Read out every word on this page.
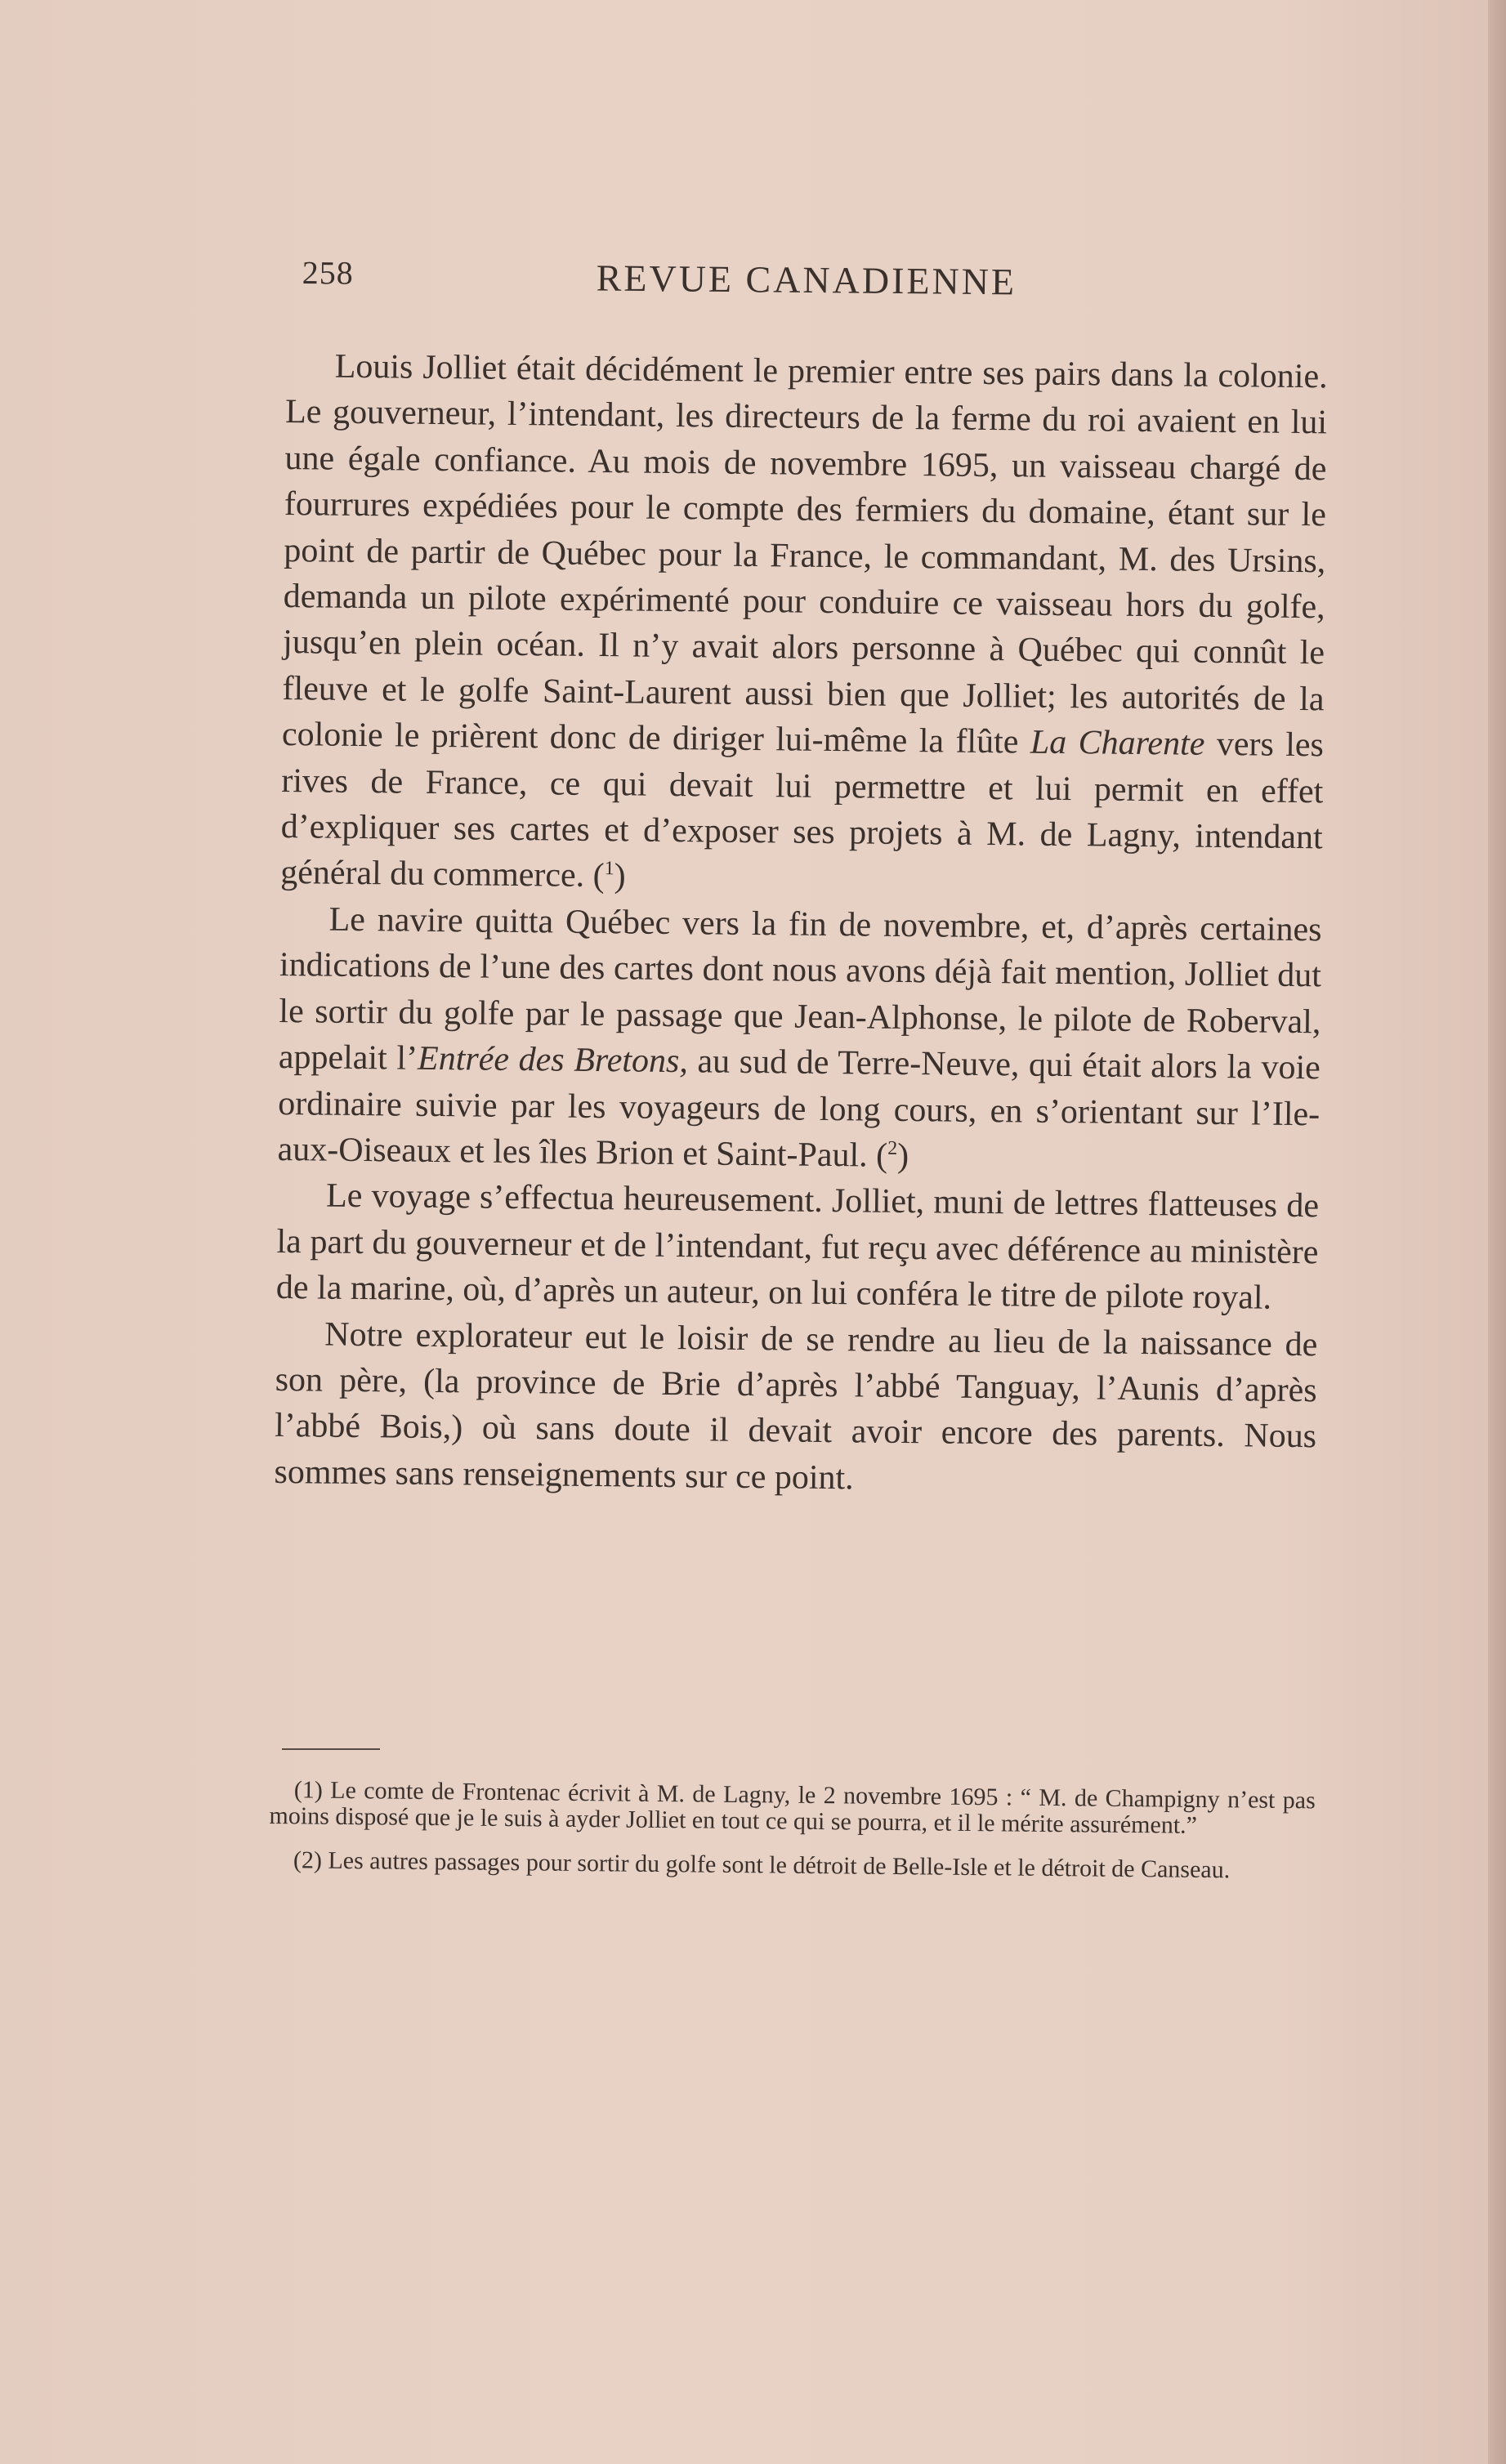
258	REVUE CANADIENNE

Louis Jolliet était décidément le premier entre ses pairs dans la colonie. Le gouverneur, l’intendant, les directeurs de la ferme du roi avaient en lui une égale confiance. Au mois de novembre 1695, un vaisseau chargé de fourrures expédiées pour le compte des fermiers du domaine, étant sur le point de partir de Québec pour la France, le commandant, M. des Ursins, demanda un pilote expérimenté pour conduire ce vaisseau hors du golfe, jusqu’en plein océan. Il n’y avait alors personne à Québec qui connût le fleuve et le golfe Saint-Laurent aussi bien que Jolliet; les autorités de la colonie le prièrent donc de diriger lui-même la flûte La Charente vers les rives de France, ce qui devait lui permettre et lui permit en effet d’expliquer ses cartes et d’exposer ses projets à M. de Lagny, intendant général du commerce. ($^1$)

Le navire quitta Québec vers la fin de novembre, et, d’après certaines indications de l’une des cartes dont nous avons déjà fait mention, Jolliet dut le sortir du golfe par le passage que Jean-Alphonse, le pilote de Roberval, appelait l’Entrée des Bretons, au sud de Terre-Neuve, qui était alors la voie ordinaire suivie par les voyageurs de long cours, en s’orientant sur l’Ile-aux-Oiseaux et les îles Brion et Saint-Paul. ($^2$)

Le voyage s’effectua heureusement. Jolliet, muni de lettres flatteuses de la part du gouverneur et de l’intendant, fut reçu avec déférence au ministère de la marine, où, d’après un auteur, on lui conféra le titre de pilote royal.

Notre explorateur eut le loisir de se rendre au lieu de la naissance de son père, (la province de Brie d’après l’abbé Tanguay, l’Aunis d’après l’abbé Bois,) où sans doute il devait avoir encore des parents. Nous sommes sans renseignements sur ce point.

(1) Le comte de Frontenac écrivit à M. de Lagny, le 2 novembre 1695 : “ M. de Champigny n’est pas moins disposé que je le suis à ayder Jolliet en tout ce qui se pourra, et il le mérite assurément.”

(2) Les autres passages pour sortir du golfe sont le détroit de Belle-Isle et le détroit de Canseau.
